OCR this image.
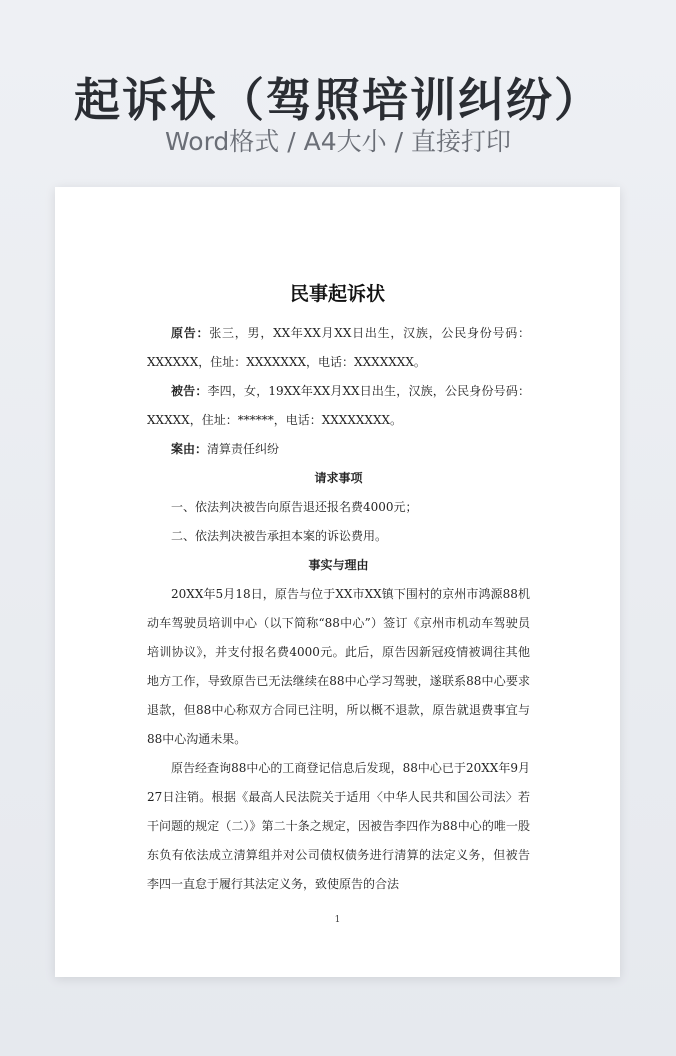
起诉状（驾照培训纠纷）
Word格式 / A4大小 / 直接打印
民事起诉状

原告：张三，男，XX年XX月XX日出生，汉族，公民身份号码：XXXXXX，住址：XXXXXXX，电话：XXXXXXX。

被告：李四，女，19XX年XX月XX日出生，汉族，公民身份号码：XXXXX，住址：******，电话：XXXXXXXX。

案由：清算责任纠纷

请求事项

一、依法判决被告向原告退还报名费4000元；

二、依法判决被告承担本案的诉讼费用。

事实与理由

20XX年5月18日，原告与位于XX市XX镇下围村的京州市鸿源88机动车驾驶员培训中心（以下简称“88中心”）签订《京州市机动车驾驶员培训协议》，并支付报名费4000元。此后，原告因新冠疫情被调往其他地方工作，导致原告已无法继续在88中心学习驾驶，遂联系88中心要求退款，但88中心称双方合同已注明，所以概不退款，原告就退费事宜与88中心沟通未果。

原告经查询88中心的工商登记信息后发现，88中心已于20XX年9月27日注销。根据《最高人民法院关于适用〈中华人民共和国公司法〉若干问题的规定（二）》第二十条之规定，因被告李四作为88中心的唯一股东负有依法成立清算组并对公司债权债务进行清算的法定义务，但被告李四一直怠于履行其法定义务，致使原告的合法

1
